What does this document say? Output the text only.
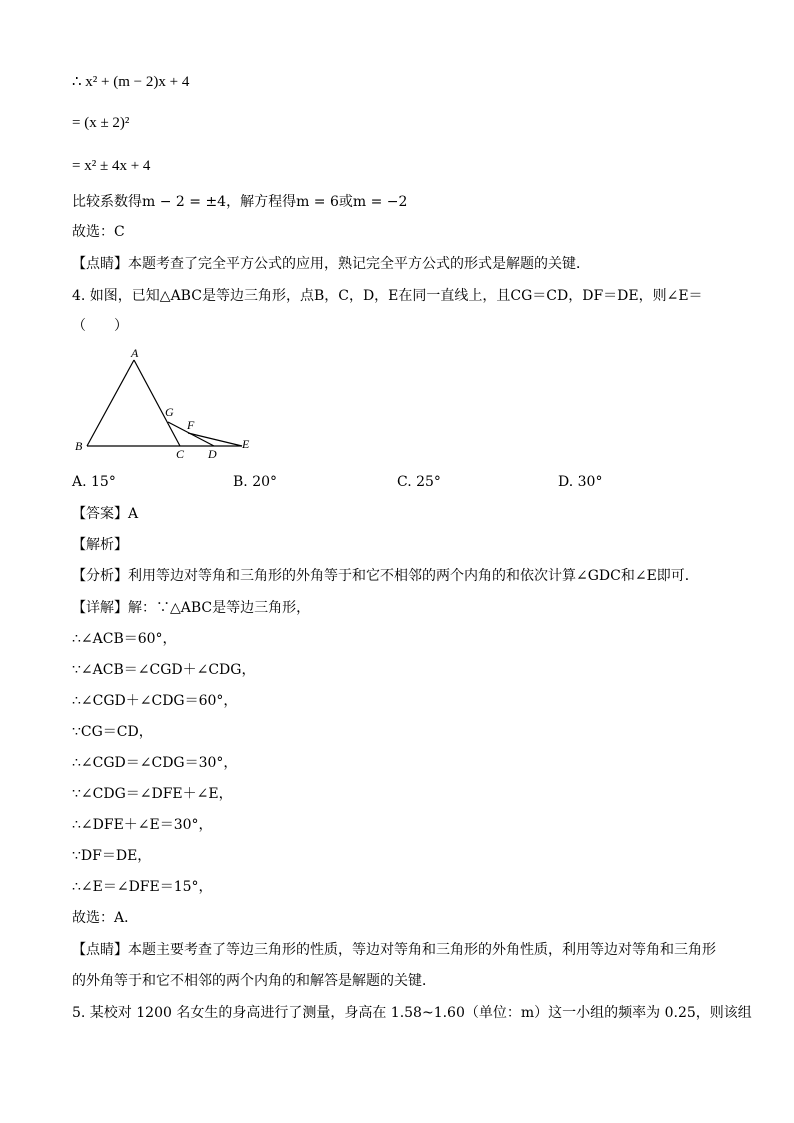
∴ x² + (m − 2)x + 4
= (x ± 2)²
= x² ± 4x + 4
比较系数得m − 2 = ±4，解方程得m = 6或m = −2
故选：C
【点睛】本题考查了完全平方公式的应用，熟记完全平方公式的形式是解题的关键．
4. 如图，已知△ABC是等边三角形，点B，C，D，E在同一直线上，且CG＝CD，DF＝DE，则∠E＝
（　　）
A
B
C D
E
F
G
A. 15°	B. 20°	C. 25°	D. 30°
【答案】A
【解析】
【分析】利用等边对等角和三角形的外角等于和它不相邻的两个内角的和依次计算∠GDC和∠E即可．
【详解】解：∵△ABC是等边三角形，
∴∠ACB＝60°，
∵∠ACB＝∠CGD＋∠CDG，
∴∠CGD＋∠CDG＝60°，
∵CG＝CD，
∴∠CGD＝∠CDG＝30°，
∵∠CDG＝∠DFE＋∠E，
∴∠DFE＋∠E＝30°，
∵DF＝DE，
∴∠E＝∠DFE＝15°，
故选：A．
【点睛】本题主要考查了等边三角形的性质，等边对等角和三角形的外角性质，利用等边对等角和三角形
的外角等于和它不相邻的两个内角的和解答是解题的关键．
5. 某校对 1200 名女生的身高进行了测量，身高在 1.58~1.60（单位：m）这一小组的频率为 0.25，则该组
